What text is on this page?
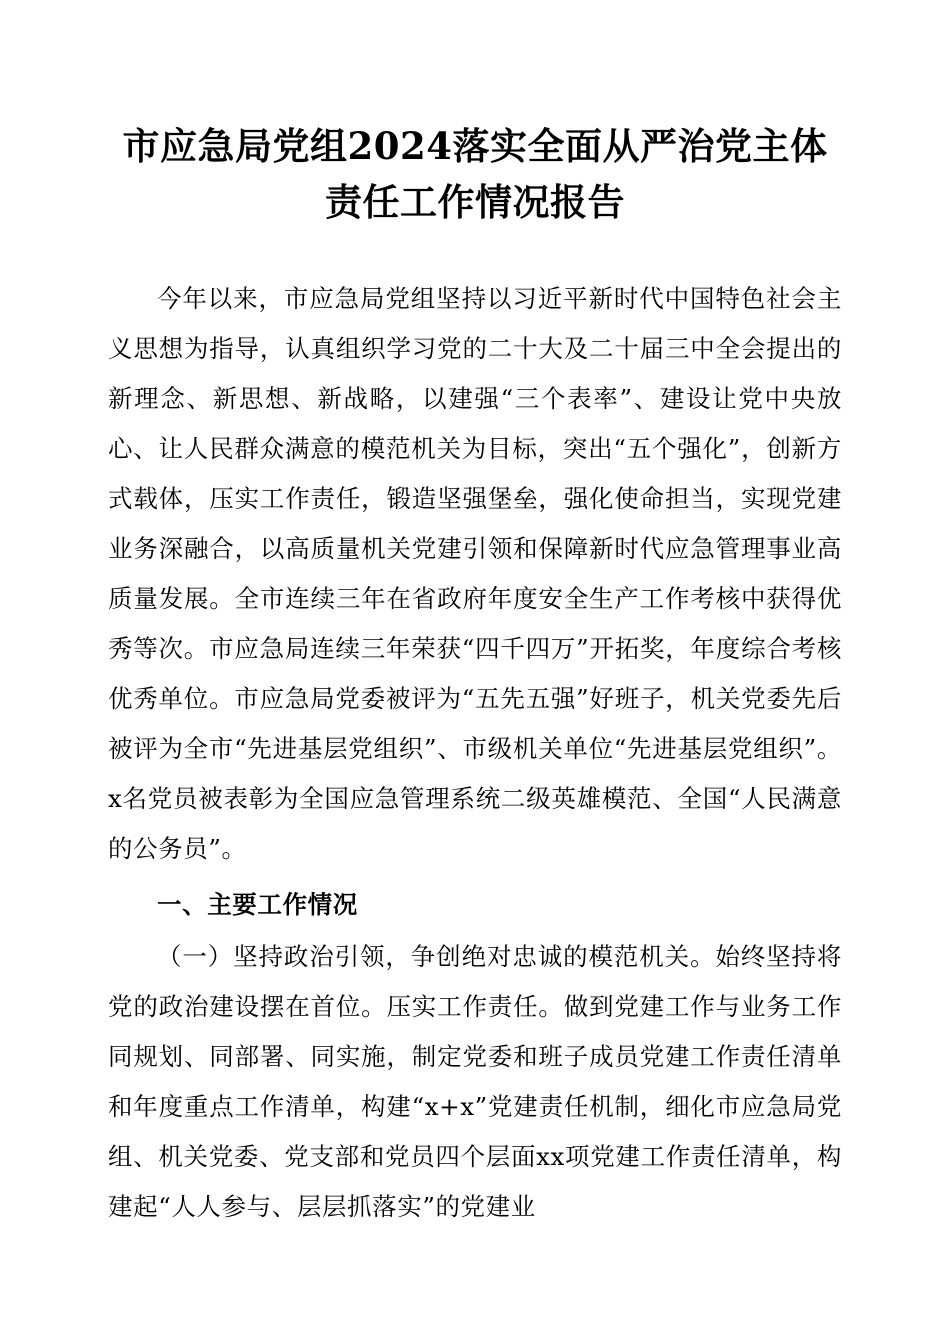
市应急局党组2024落实全面从严治党主体责任工作情况报告

今年以来，市应急局党组坚持以习近平新时代中国特色社会主义思想为指导，认真组织学习党的二十大及二十届三中全会提出的新理念、新思想、新战略，以建强“三个表率”、建设让党中央放心、让人民群众满意的模范机关为目标，突出“五个强化”，创新方式载体，压实工作责任，锻造坚强堡垒，强化使命担当，实现党建业务深融合，以高质量机关党建引领和保障新时代应急管理事业高质量发展。全市连续三年在省政府年度安全生产工作考核中获得优秀等次。市应急局连续三年荣获“四千四万”开拓奖，年度综合考核优秀单位。市应急局党委被评为“五先五强”好班子，机关党委先后被评为全市“先进基层党组织”、市级机关单位“先进基层党组织”。x名党员被表彰为全国应急管理系统二级英雄模范、全国“人民满意的公务员”。

一、主要工作情况

（一）坚持政治引领，争创绝对忠诚的模范机关。始终坚持将党的政治建设摆在首位。压实工作责任。做到党建工作与业务工作同规划、同部署、同实施，制定党委和班子成员党建工作责任清单和年度重点工作清单，构建“x+x”党建责任机制，细化市应急局党组、机关党委、党支部和党员四个层面xx项党建工作责任清单，构建起“人人参与、层层抓落实”的党建业
